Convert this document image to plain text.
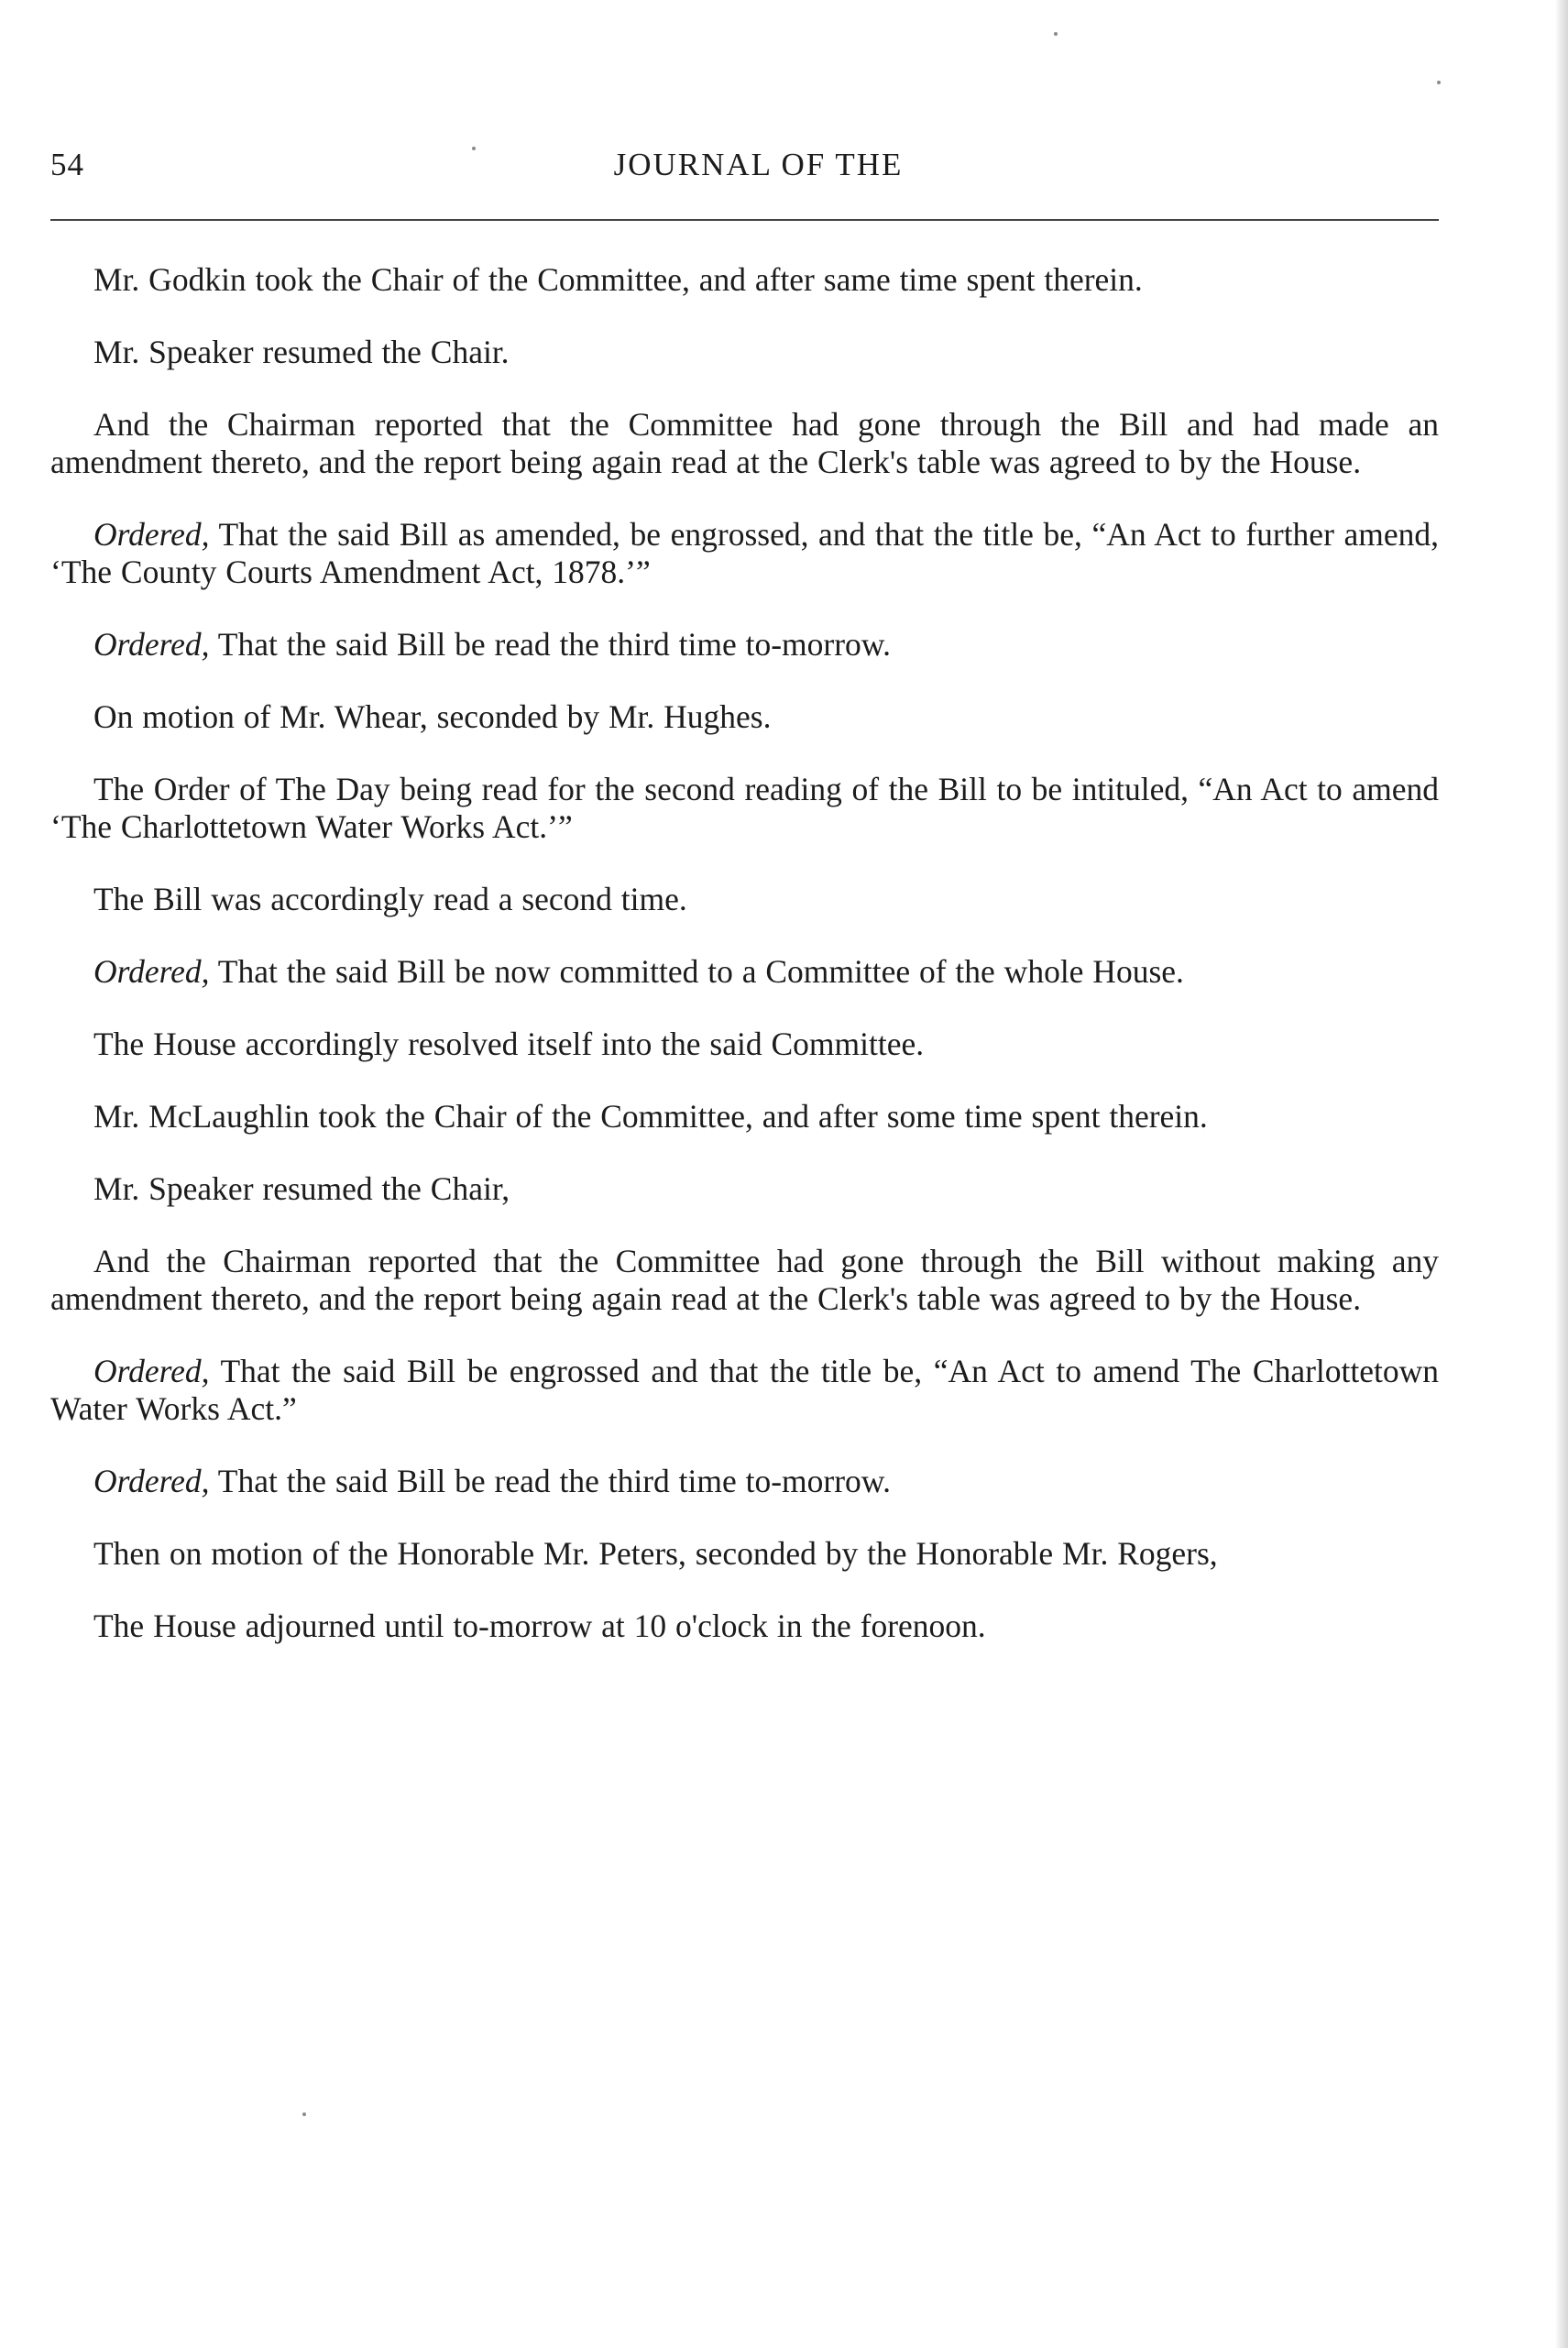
54	JOURNAL OF THE

Mr. Godkin took the Chair of the Committee, and after same time spent therein.

Mr. Speaker resumed the Chair.

And the Chairman reported that the Committee had gone through the Bill and had made an amendment thereto, and the report being again read at the Clerk's table was agreed to by the House.

Ordered, That the said Bill as amended, be engrossed, and that the title be, “An Act to further amend, ‘The County Courts Amendment Act, 1878.’”

Ordered, That the said Bill be read the third time to-morrow.

On motion of Mr. Whear, seconded by Mr. Hughes.

The Order of The Day being read for the second reading of the Bill to be intituled, “An Act to amend ‘The Charlottetown Water Works Act.’”

The Bill was accordingly read a second time.

Ordered, That the said Bill be now committed to a Committee of the whole House.

The House accordingly resolved itself into the said Committee.

Mr. McLaughlin took the Chair of the Committee, and after some time spent therein.

Mr. Speaker resumed the Chair,

And the Chairman reported that the Committee had gone through the Bill without making any amendment thereto, and the report being again read at the Clerk's table was agreed to by the House.

Ordered, That the said Bill be engrossed and that the title be, “An Act to amend The Charlottetown Water Works Act.”

Ordered, That the said Bill be read the third time to-morrow.

Then on motion of the Honorable Mr. Peters, seconded by the Honorable Mr. Rogers,

The House adjourned until to-morrow at 10 o'clock in the forenoon.
